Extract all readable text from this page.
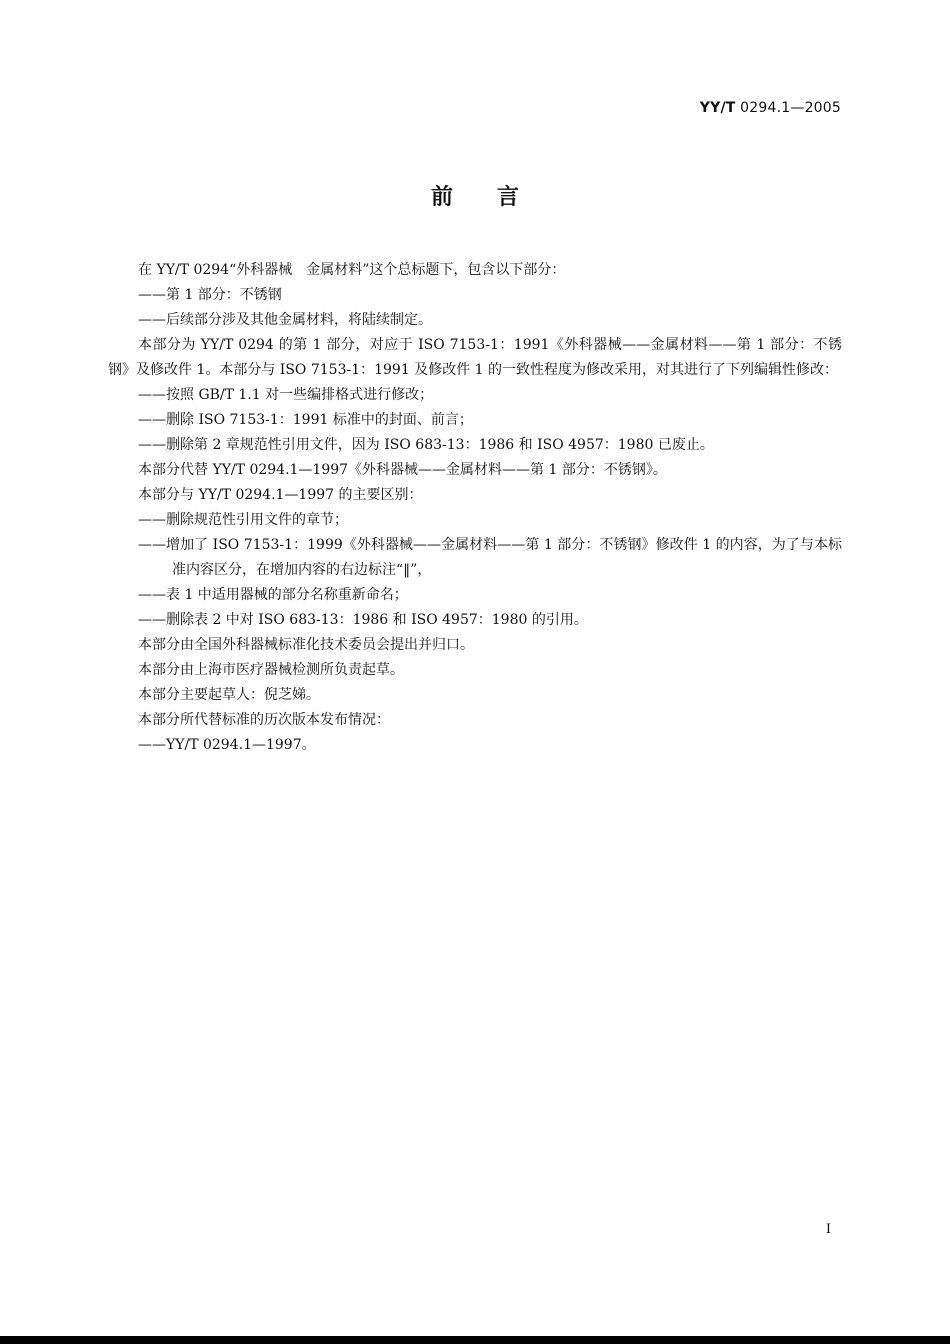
YY/T 0294.1—2005
前　　言

在 YY/T 0294“外科器械　金属材料”这个总标题下，包含以下部分：

——第 1 部分：不锈钢

——后续部分涉及其他金属材料，将陆续制定。

本部分为 YY/T 0294 的第 1 部分，对应于 ISO 7153-1：1991《外科器械——金属材料——第 1 部分：不锈钢》及修改件 1。本部分与 ISO 7153-1：1991 及修改件 1 的一致性程度为修改采用，对其进行了下列编辑性修改：

——按照 GB/T 1.1 对一些编排格式进行修改；

——删除 ISO 7153-1：1991 标准中的封面、前言；

——删除第 2 章规范性引用文件，因为 ISO 683-13：1986 和 ISO 4957：1980 已废止。

本部分代替 YY/T 0294.1—1997《外科器械——金属材料——第 1 部分：不锈钢》。

本部分与 YY/T 0294.1—1997 的主要区别：

——删除规范性引用文件的章节；

——增加了 ISO 7153-1：1999《外科器械——金属材料——第 1 部分：不锈钢》修改件 1 的内容，为了与本标准内容区分，在增加内容的右边标注“‖”，

——表 1 中适用器械的部分名称重新命名；

——删除表 2 中对 ISO 683-13：1986 和 ISO 4957：1980 的引用。

本部分由全国外科器械标准化技术委员会提出并归口。

本部分由上海市医疗器械检测所负责起草。

本部分主要起草人：倪芝娣。

本部分所代替标准的历次版本发布情况：

——YY/T 0294.1—1997。

I
